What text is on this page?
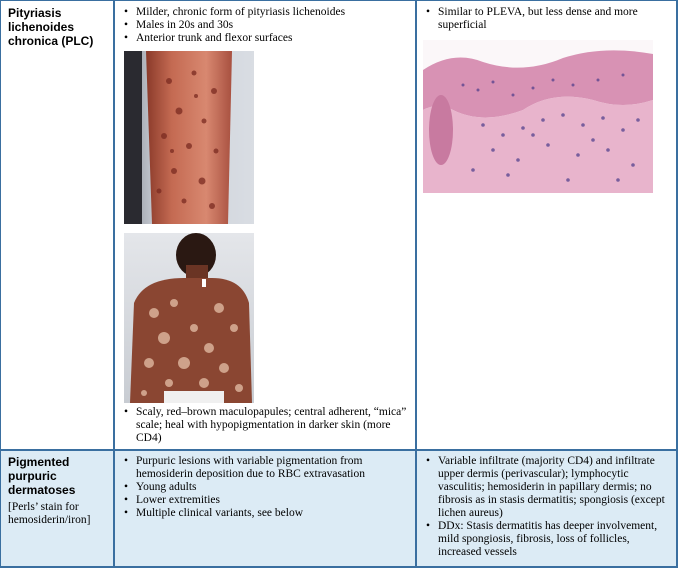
Pityriasis lichenoides chronica (PLC)
• Milder, chronic form of pityriasis lichenoides
• Males in 20s and 30s
• Anterior trunk and flexor surfaces
• Scaly, red–brown maculopapules; central adherent, “mica” scale; heal with hypopigmentation in darker skin (more CD4)
• Similar to PLEVA, but less dense and more superficial
Pigmented purpuric dermatoses
[Perls’ stain for hemosiderin/iron]
• Purpuric lesions with variable pigmentation from hemosiderin deposition due to RBC extravasation
• Young adults
• Lower extremities
• Multiple clinical variants, see below
• Variable infiltrate (majority CD4) and infiltrate upper dermis (perivascular); lymphocytic vasculitis; hemosiderin in papillary dermis; no fibrosis as in stasis dermatitis; spongiosis (except lichen aureus)
• DDx: Stasis dermatitis has deeper involvement, mild spongiosis, fibrosis, loss of follicles, increased vessels
